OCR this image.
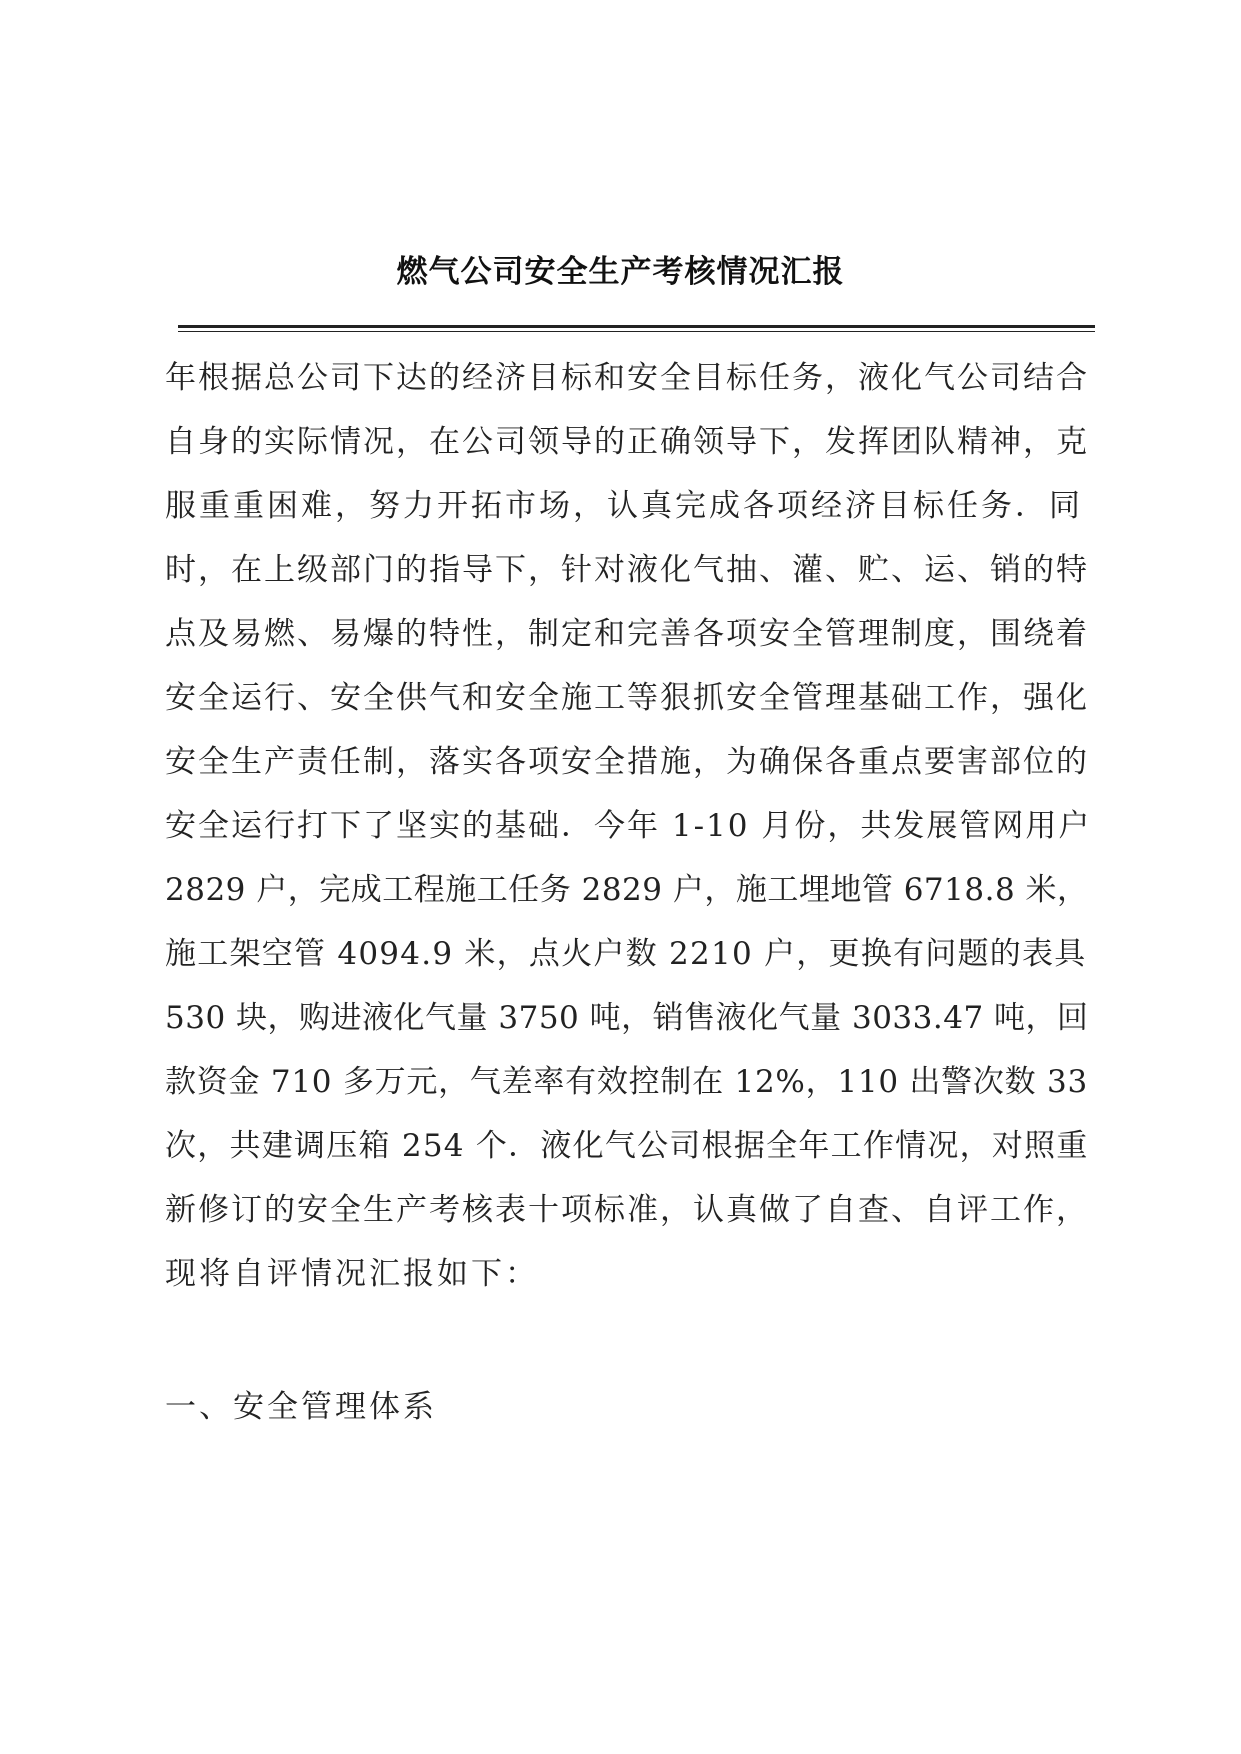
燃气公司安全生产考核情况汇报
年根据总公司下达的经济目标和安全目标任务，液化气公司结合
自身的实际情况，在公司领导的正确领导下，发挥团队精神，克
服重重困难，努力开拓市场，认真完成各项经济目标任务．同
时，在上级部门的指导下，针对液化气抽、灌、贮、运、销的特
点及易燃、易爆的特性，制定和完善各项安全管理制度，围绕着
安全运行、安全供气和安全施工等狠抓安全管理基础工作，强化
安全生产责任制，落实各项安全措施，为确保各重点要害部位的
安全运行打下了坚实的基础．今年 1-10 月份，共发展管网用户
2829 户，完成工程施工任务 2829 户，施工埋地管 6718.8 米，
施工架空管 4094.9 米，点火户数 2210 户，更换有问题的表具
530 块，购进液化气量 3750 吨，销售液化气量 3033.47 吨，回
款资金 710 多万元，气差率有效控制在 12%，110 出警次数 33
次，共建调压箱 254 个．液化气公司根据全年工作情况，对照重
新修订的安全生产考核表十项标准，认真做了自查、自评工作，
现将自评情况汇报如下：
一、安全管理体系
